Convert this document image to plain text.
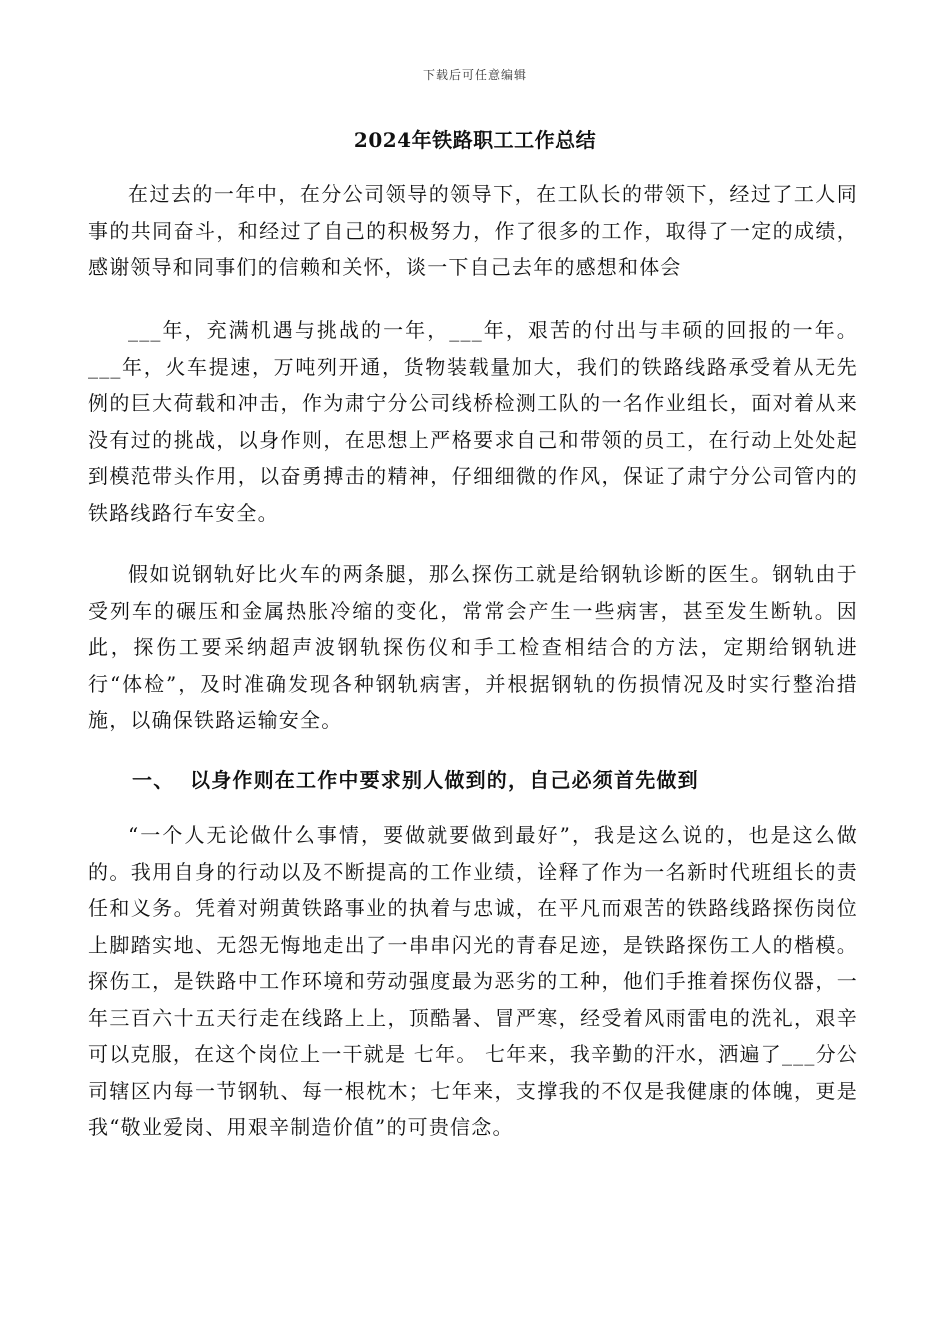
下载后可任意编辑
2024年铁路职工工作总结

在过去的一年中，在分公司领导的领导下，在工队长的带领下，经过了工人同事的共同奋斗，和经过了自己的积极努力，作了很多的工作，取得了一定的成绩，感谢领导和同事们的信赖和关怀，谈一下自己去年的感想和体会

___年，充满机遇与挑战的一年，___年，艰苦的付出与丰硕的回报的一年。___年，火车提速，万吨列开通，货物装载量加大，我们的铁路线路承受着从无先例的巨大荷载和冲击，作为肃宁分公司线桥检测工队的一名作业组长，面对着从来没有过的挑战，以身作则，在思想上严格要求自己和带领的员工，在行动上处处起到模范带头作用，以奋勇搏击的精神，仔细细微的作风，保证了肃宁分公司管内的铁路线路行车安全。

假如说钢轨好比火车的两条腿，那么探伤工就是给钢轨诊断的医生。钢轨由于受列车的碾压和金属热胀冷缩的变化，常常会产生一些病害，甚至发生断轨。因此，探伤工要采纳超声波钢轨探伤仪和手工检查相结合的方法，定期给钢轨进行“体检”，及时准确发现各种钢轨病害，并根据钢轨的伤损情况及时实行整治措施，以确保铁路运输安全。

一、 以身作则在工作中要求别人做到的，自己必须首先做到

“一个人无论做什么事情，要做就要做到最好”，我是这么说的，也是这么做的。我用自身的行动以及不断提高的工作业绩，诠释了作为一名新时代班组长的责任和义务。凭着对朔黄铁路事业的执着与忠诚，在平凡而艰苦的铁路线路探伤岗位上脚踏实地、无怨无悔地走出了一串串闪光的青春足迹，是铁路探伤工人的楷模。探伤工，是铁路中工作环境和劳动强度最为恶劣的工种，他们手推着探伤仪器，一年三百六十五天行走在线路上上，顶酷暑、冒严寒，经受着风雨雷电的洗礼，艰辛可以克服，在这个岗位上一干就是 七年。 七年来，我辛勤的汗水，洒遍了___分公司辖区内每一节钢轨、每一根枕木；七年来，支撑我的不仅是我健康的体魄，更是我“敬业爱岗、用艰辛制造价值”的可贵信念。
